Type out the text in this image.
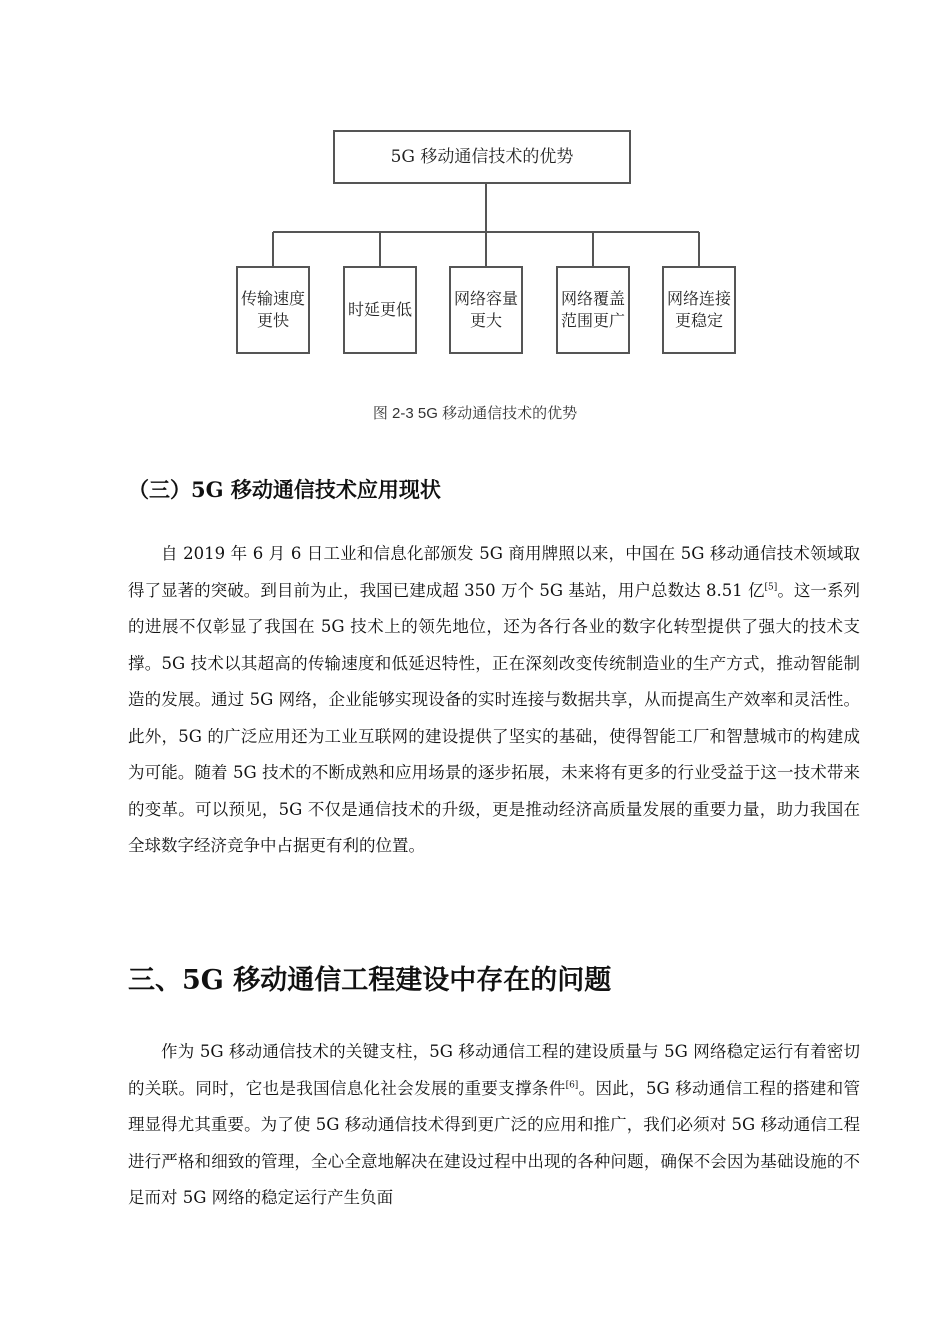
5G 移动通信技术的优势
传输速度更快
时延更低
网络容量更大
网络覆盖范围更广
网络连接更稳定
图 2-3 5G 移动通信技术的优势
（三）5G 移动通信技术应用现状

自 2019 年 6 月 6 日工业和信息化部颁发 5G 商用牌照以来，中国在 5G 移动通信技术领域取得了显著的突破。到目前为止，我国已建成超 350 万个 5G 基站，用户总数达 8.51 亿[5]。这一系列的进展不仅彰显了我国在 5G 技术上的领先地位，还为各行各业的数字化转型提供了强大的技术支撑。5G 技术以其超高的传输速度和低延迟特性，正在深刻改变传统制造业的生产方式，推动智能制造的发展。通过 5G 网络，企业能够实现设备的实时连接与数据共享，从而提高生产效率和灵活性。此外，5G 的广泛应用还为工业互联网的建设提供了坚实的基础，使得智能工厂和智慧城市的构建成为可能。随着 5G 技术的不断成熟和应用场景的逐步拓展，未来将有更多的行业受益于这一技术带来的变革。可以预见，5G 不仅是通信技术的升级，更是推动经济高质量发展的重要力量，助力我国在全球数字经济竞争中占据更有利的位置。

三、5G 移动通信工程建设中存在的问题

作为 5G 移动通信技术的关键支柱，5G 移动通信工程的建设质量与 5G 网络稳定运行有着密切的关联。同时，它也是我国信息化社会发展的重要支撑条件[6]。因此，5G 移动通信工程的搭建和管理显得尤其重要。为了使 5G 移动通信技术得到更广泛的应用和推广，我们必须对 5G 移动通信工程进行严格和细致的管理，全心全意地解决在建设过程中出现的各种问题，确保不会因为基础设施的不足而对 5G 网络的稳定运行产生负面
